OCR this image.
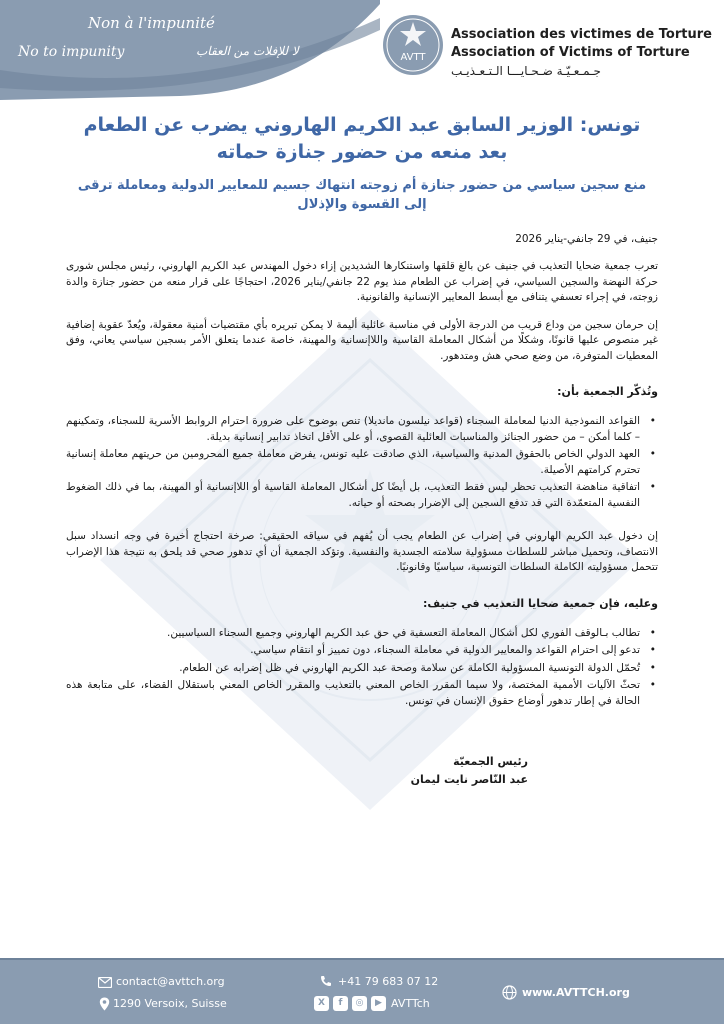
Non à l'impunité
No to impunity	لا للإفلات من العقاب	AVTT
Association des victimes de Torture
Association of Victims of Torture
جـمـعـيّـة ضـحـايـــا الـتـعـذيـب
تونس: الوزير السابق عبد الكريم الهاروني يضرب عن الطعام بعد منعه من حضور جنازة حماته
منع سجين سياسي من حضور جنازة أم زوجته انتهاك جسيم للمعايير الدولية ومعاملة ترقى إلى القسوة والإذلال
جنيف، في 29 جانفي-يناير 2026

تعرب جمعية ضحايا التعذيب في جنيف عن بالغ قلقها واستنكارها الشديدين إزاء دخول المهندس عبد الكريم الهاروني، رئيس مجلس شورى حركة النهضة والسجين السياسي، في إضراب عن الطعام منذ يوم 22 جانفي/يناير 2026، احتجاجًا على قرار منعه من حضور جنازة والدة زوجته، في إجراء تعسفي يتنافى مع أبسط المعايير الإنسانية والقانونية.

إن حرمان سجين من وداع قريب من الدرجة الأولى في مناسبة عائلية أليمة لا يمكن تبريره بأي مقتضيات أمنية معقولة، ويُعدّ عقوبة إضافية غير منصوص عليها قانونًا، وشكلًا من أشكال المعاملة القاسية واللاإنسانية والمهينة، خاصة عندما يتعلق الأمر بسجين سياسي يعاني، وفق المعطيات المتوفرة، من وضع صحي هش ومتدهور.

وتُذكّر الجمعية بأن:
• القواعد النموذجية الدنيا لمعاملة السجناء (قواعد نيلسون مانديلا) تنص بوضوح على ضرورة احترام الروابط الأسرية للسجناء، وتمكينهم – كلما أمكن – من حضور الجنائز والمناسبات العائلية القصوى، أو على الأقل اتخاذ تدابير إنسانية بديلة.
• العهد الدولي الخاص بالحقوق المدنية والسياسية، الذي صادقت عليه تونس، يفرض معاملة جميع المحرومين من حريتهم معاملة إنسانية تحترم كرامتهم الأصيلة.
• اتفاقية مناهضة التعذيب تحظر ليس فقط التعذيب، بل أيضًا كل أشكال المعاملة القاسية أو اللاإنسانية أو المهينة، بما في ذلك الضغوط النفسية المتعمّدة التي قد تدفع السجين إلى الإضرار بصحته أو حياته.

إن دخول عبد الكريم الهاروني في إضراب عن الطعام يجب أن يُفهم في سياقه الحقيقي: صرخة احتجاج أخيرة في وجه انسداد سبل الانتصاف، وتحميل مباشر للسلطات مسؤولية سلامته الجسدية والنفسية. وتؤكد الجمعية أن أي تدهور صحي قد يلحق به نتيجة هذا الإضراب تتحمل مسؤوليته الكاملة السلطات التونسية، سياسيًا وقانونيًا.

وعليه، فإن جمعية ضحايا التعذيب في جنيف:
• تطالب بـالوقف الفوري لكل أشكال المعاملة التعسفية في حق عبد الكريم الهاروني وجميع السجناء السياسيين.
• تدعو إلى احترام القواعد والمعايير الدولية في معاملة السجناء، دون تمييز أو انتقام سياسي.
• تُحمّل الدولة التونسية المسؤولية الكاملة عن سلامة وصحة عبد الكريم الهاروني في ظل إضرابه عن الطعام.
• تحثّ الآليات الأممية المختصة، ولا سيما المقرر الخاص المعني بالتعذيب والمقرر الخاص المعني باستقلال القضاء، على متابعة هذه الحالة في إطار تدهور أوضاع حقوق الإنسان في تونس.
رئيس الجمعيّة
عبد النّاصر نايت ليمان
contact@avttch.org
1290 Versoix, Suisse
+41 79 683 07 12
X	f	◎	▶ AVTTch
www.AVTTCH.org
